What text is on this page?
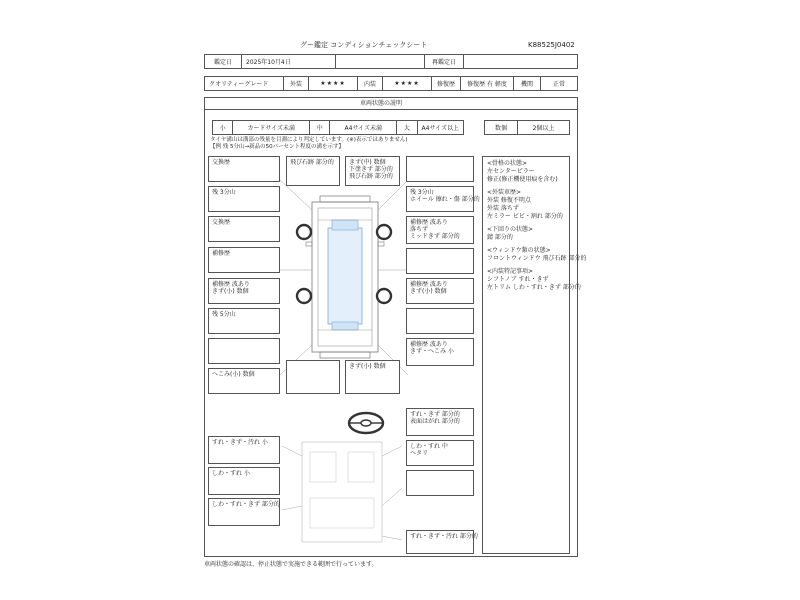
グー鑑定 コンディションチェックシート	K88525J0402
鑑定日	2025年10月4日		再鑑定日	
クオリティーグレード	外装	★★★★	内装	★★★★	修復歴	修復歴 有 軽度	機関	正常
車両状態の説明
小	カードサイズ未満	中	A4サイズ未満	大	A4サイズ以上	数個	2個以上
タイヤ溝山は溝部の残量を目測により判定しています。(※)表示ではありません)
【例 残 5分山→新品の50パーセント程度の溝を示す】
交換歴
残 3分山
交換歴
補修歴
補修歴 波あり
きず(小) 数個
残 5分山
へこみ(小) 数個
飛び石跡 部分的	きず(中) 数個
下塗きず 部分的
飛び石跡 部分的
残 3分山
ホイール 擦れ・傷 部分的
補修歴 波あり
落ちず
ミッドきず 部分的
補修歴 波あり
きず(小) 数個
補修歴 波あり
きず・へこみ 小
きず(小) 数個
すれ・きず・汚れ 小
しわ・すれ 小
しわ・すれ・きず 部分的
すれ・きず 部分的
表面はがれ 部分的
しわ・すれ 中
ヘタリ
すれ・きず・汚れ 部分的
<骨格の状態>
左センターピラー
修正(修正機使用痕を含む)
<外装車歴>
外装 修復不明点
外装 落ちず
左ミラー ビビ・割れ 部分的
<下回りの状態>
錆 部分的
<ウィンドウ類の状態>
フロントウィンドウ 飛び石跡 部分的
<内装特記事項>
シフトノブ すれ・きず
左トリム しわ・すれ・きず 部分的
車両状態の確認は、停止状態で実施できる範囲で行っています。
